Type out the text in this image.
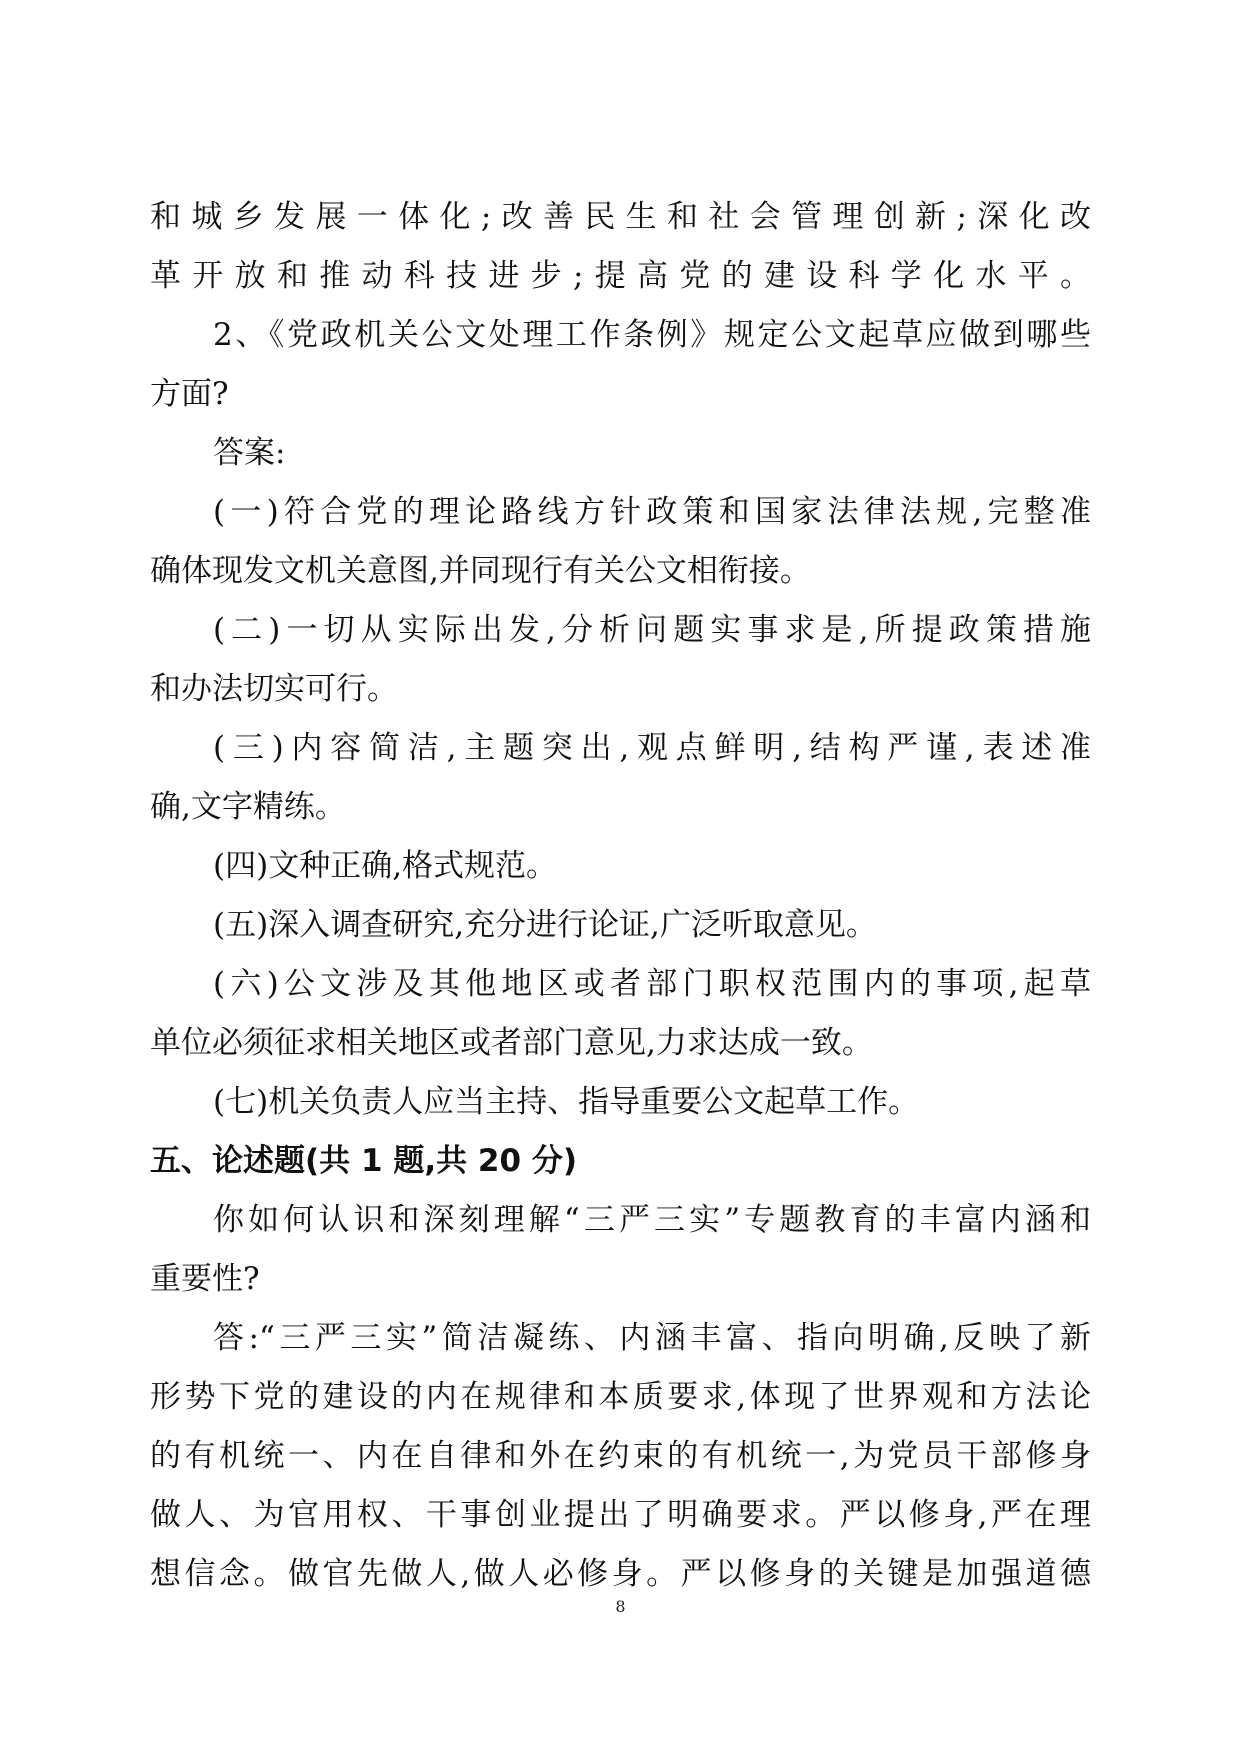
和城乡发展一体化;改善民生和社会管理创新;深化改
革开放和推动科技进步;提高党的建设科学化水平。
2、《党政机关公文处理工作条例》规定公文起草应做到哪些
方面?
答案:
(一)符合党的理论路线方针政策和国家法律法规,完整准
确体现发文机关意图,并同现行有关公文相衔接。
(二)一切从实际出发,分析问题实事求是,所提政策措施
和办法切实可行。
(三)内容简洁,主题突出,观点鲜明,结构严谨,表述准
确,文字精练。
(四)文种正确,格式规范。
(五)深入调查研究,充分进行论证,广泛听取意见。
(六)公文涉及其他地区或者部门职权范围内的事项,起草
单位必须征求相关地区或者部门意见,力求达成一致。
(七)机关负责人应当主持、指导重要公文起草工作。
五、论述题(共 1 题,共 20 分)
你如何认识和深刻理解“三严三实”专题教育的丰富内涵和
重要性?
答:“三严三实”简洁凝练、内涵丰富、指向明确,反映了新
形势下党的建设的内在规律和本质要求,体现了世界观和方法论
的有机统一、内在自律和外在约束的有机统一,为党员干部修身
做人、为官用权、干事创业提出了明确要求。严以修身,严在理
想信念。做官先做人,做人必修身。严以修身的关键是加强道德
8
